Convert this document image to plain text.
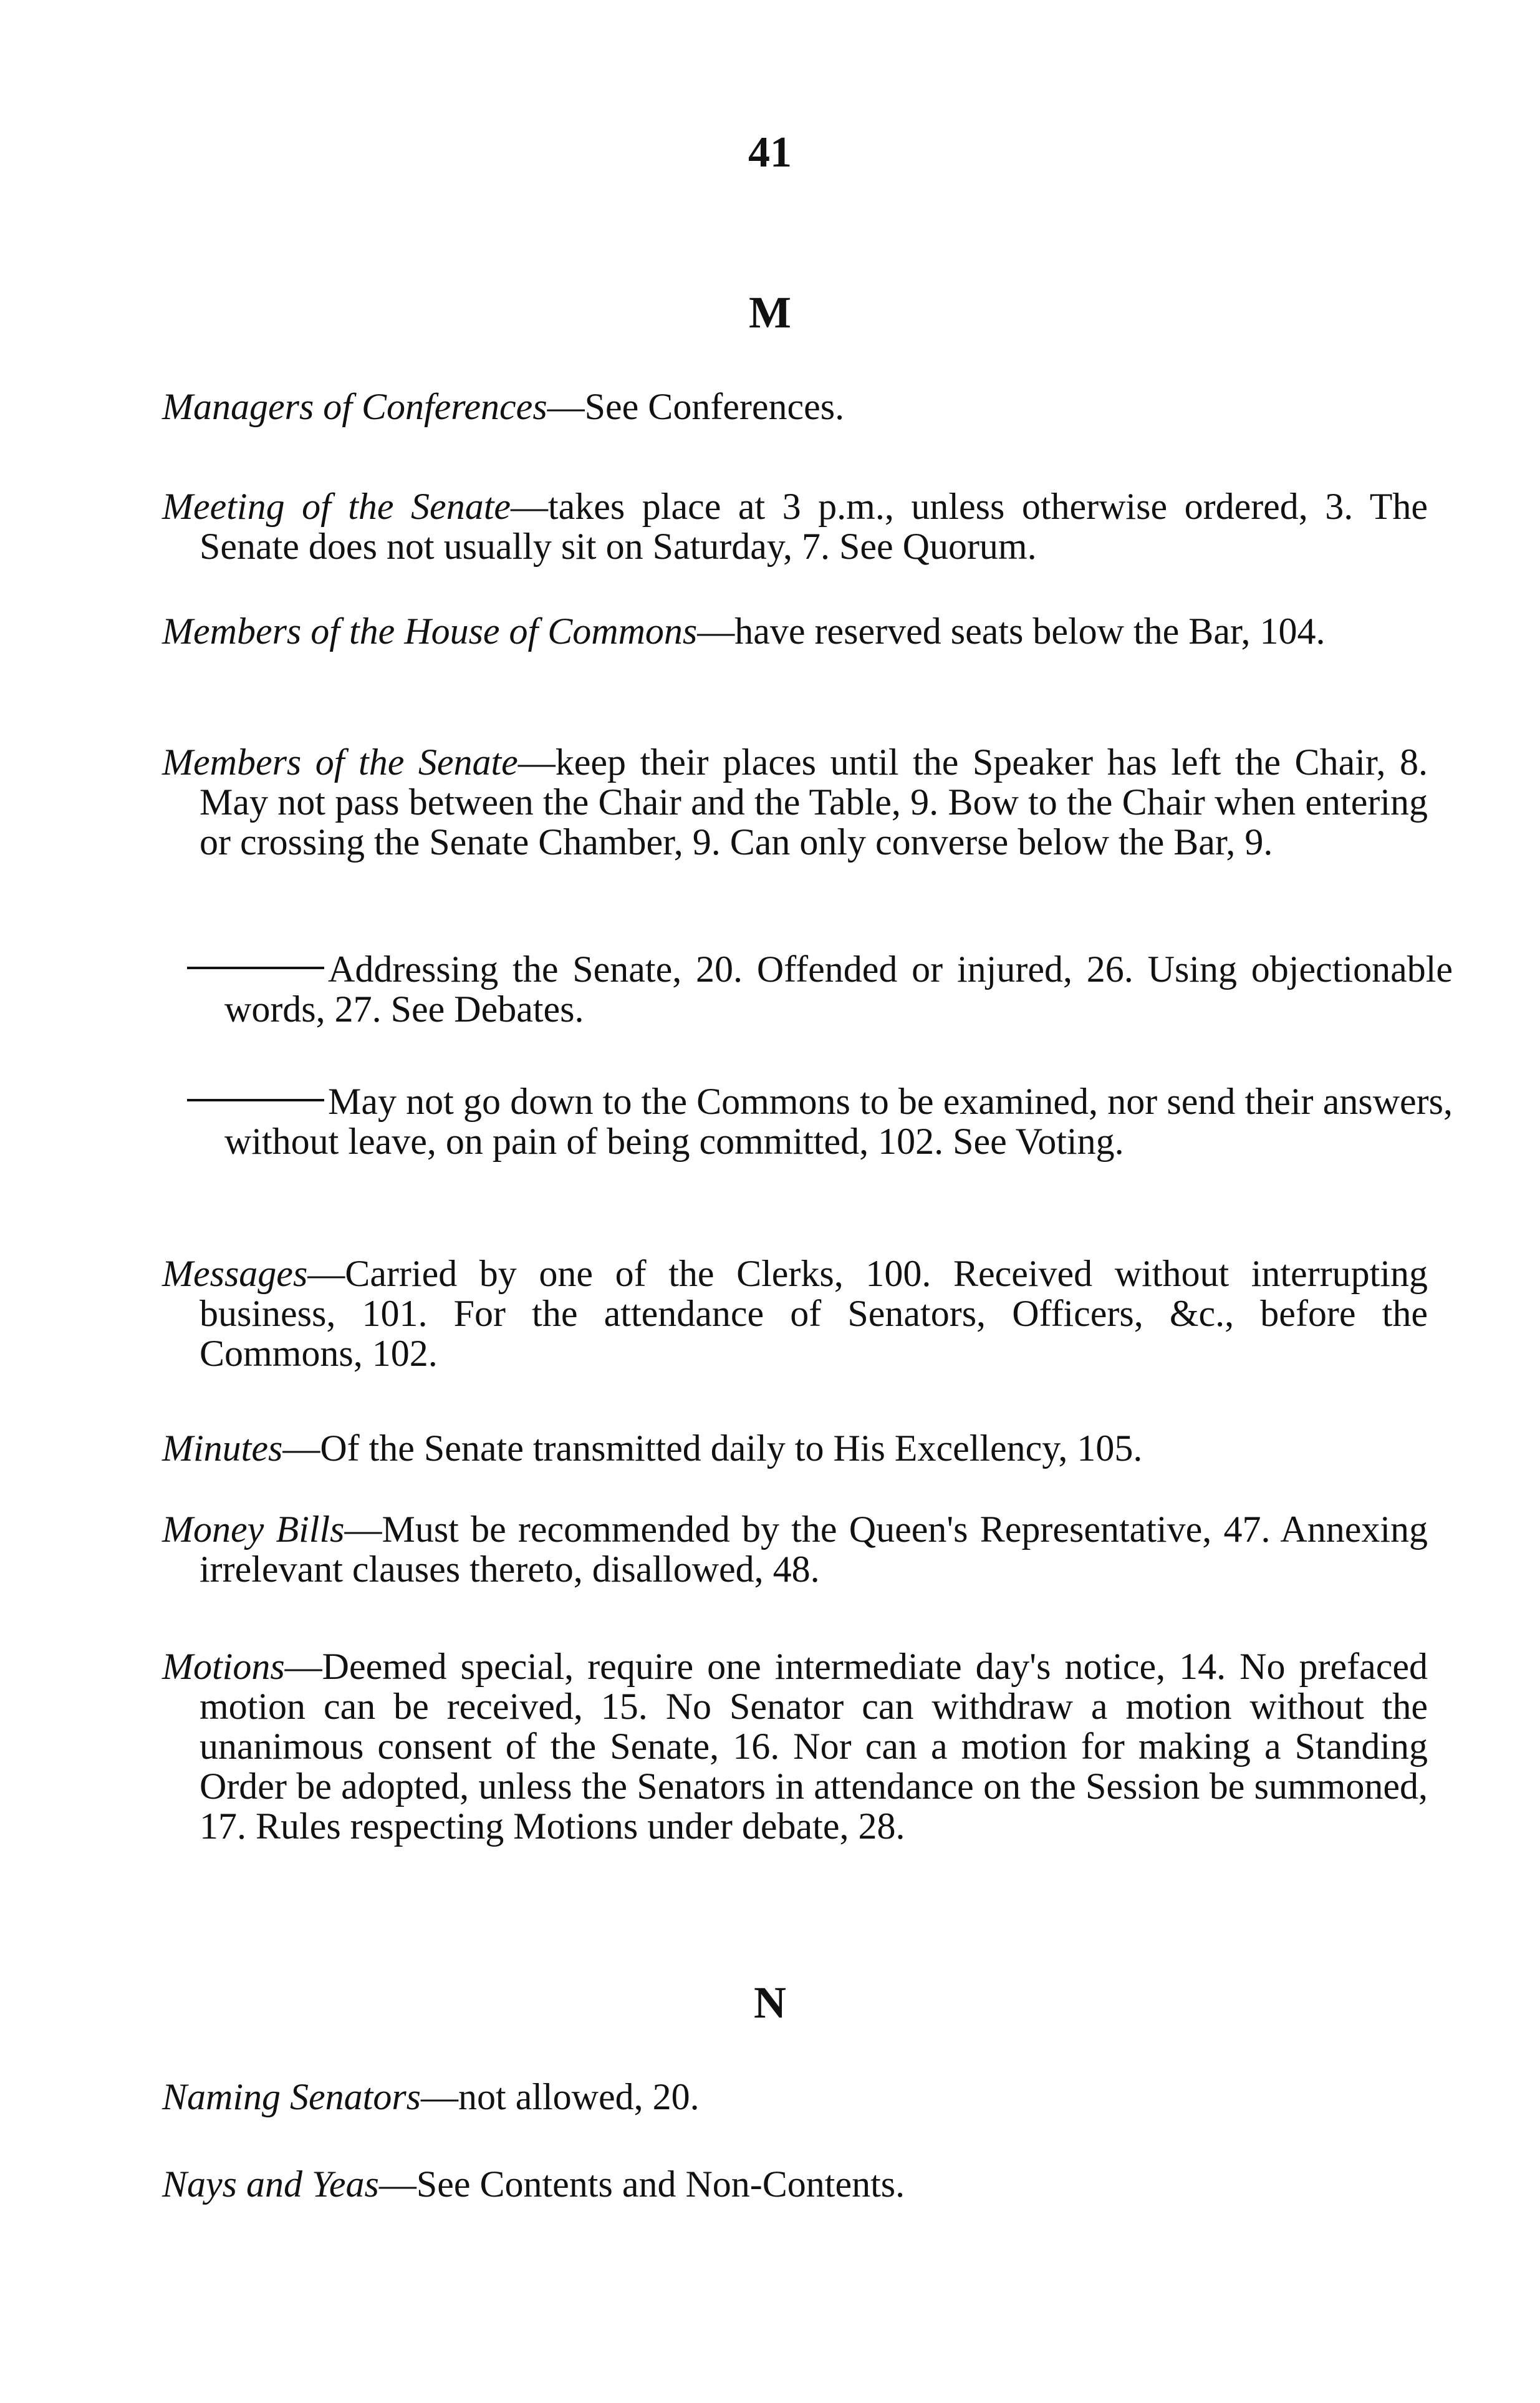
41
M

Managers of Conferences—See Conferences.

Meeting of the Senate—takes place at 3 p.m., unless otherwise ordered, 3. The Senate does not usually sit on Saturday, 7. See Quorum.

Members of the House of Commons—have reserved seats below the Bar, 104.

Members of the Senate—keep their places until the Speaker has left the Chair, 8. May not pass between the Chair and the Table, 9. Bow to the Chair when entering or crossing the Senate Chamber, 9. Can only converse below the Bar, 9.

Addressing the Senate, 20. Offended or injured, 26. Using objectionable words, 27. See Debates.

May not go down to the Commons to be examined, nor send their answers, without leave, on pain of being committed, 102. See Voting.

Messages—Carried by one of the Clerks, 100. Received without interrupting business, 101. For the attendance of Senators, Officers, &c., before the Commons, 102.

Minutes—Of the Senate transmitted daily to His Excellency, 105.

Money Bills—Must be recommended by the Queen's Representative, 47. Annexing irrelevant clauses thereto, disallowed, 48.

Motions—Deemed special, require one intermediate day's notice, 14. No prefaced motion can be received, 15. No Senator can withdraw a motion without the unanimous consent of the Senate, 16. Nor can a motion for making a Standing Order be adopted, unless the Senators in attendance on the Session be summoned, 17. Rules respecting Motions under debate, 28.

N

Naming Senators—not allowed, 20.

Nays and Yeas—See Contents and Non-Contents.
